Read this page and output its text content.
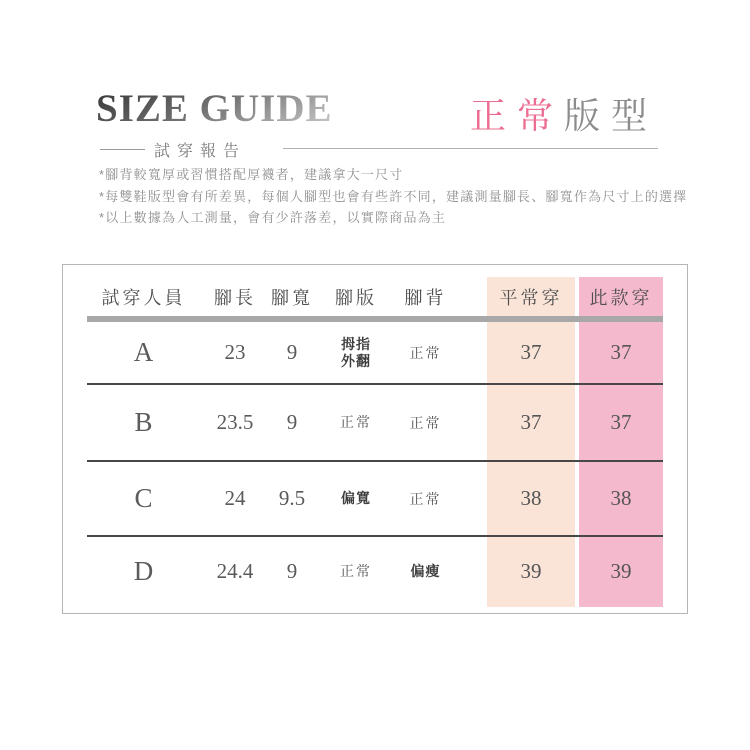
SIZE GUIDE
試穿報告
正常版型
*腳背較寬厚或習慣搭配厚襪者，建議拿大一尺寸
*每雙鞋版型會有所差異，每個人腳型也會有些許不同，建議測量腳長、腳寬作為尺寸上的選擇
*以上數據為人工測量，會有少許落差，以實際商品為主
試穿人員	腳長 腳寬	腳版	腳背	平常穿	此款穿
A	23	9	拇指外翻	正常	37	37
B	23.5	9	正常	正常	37	37
C	24	9.5	偏寬	正常	38	38
D	24.4	9	正常	偏瘦	39	39
